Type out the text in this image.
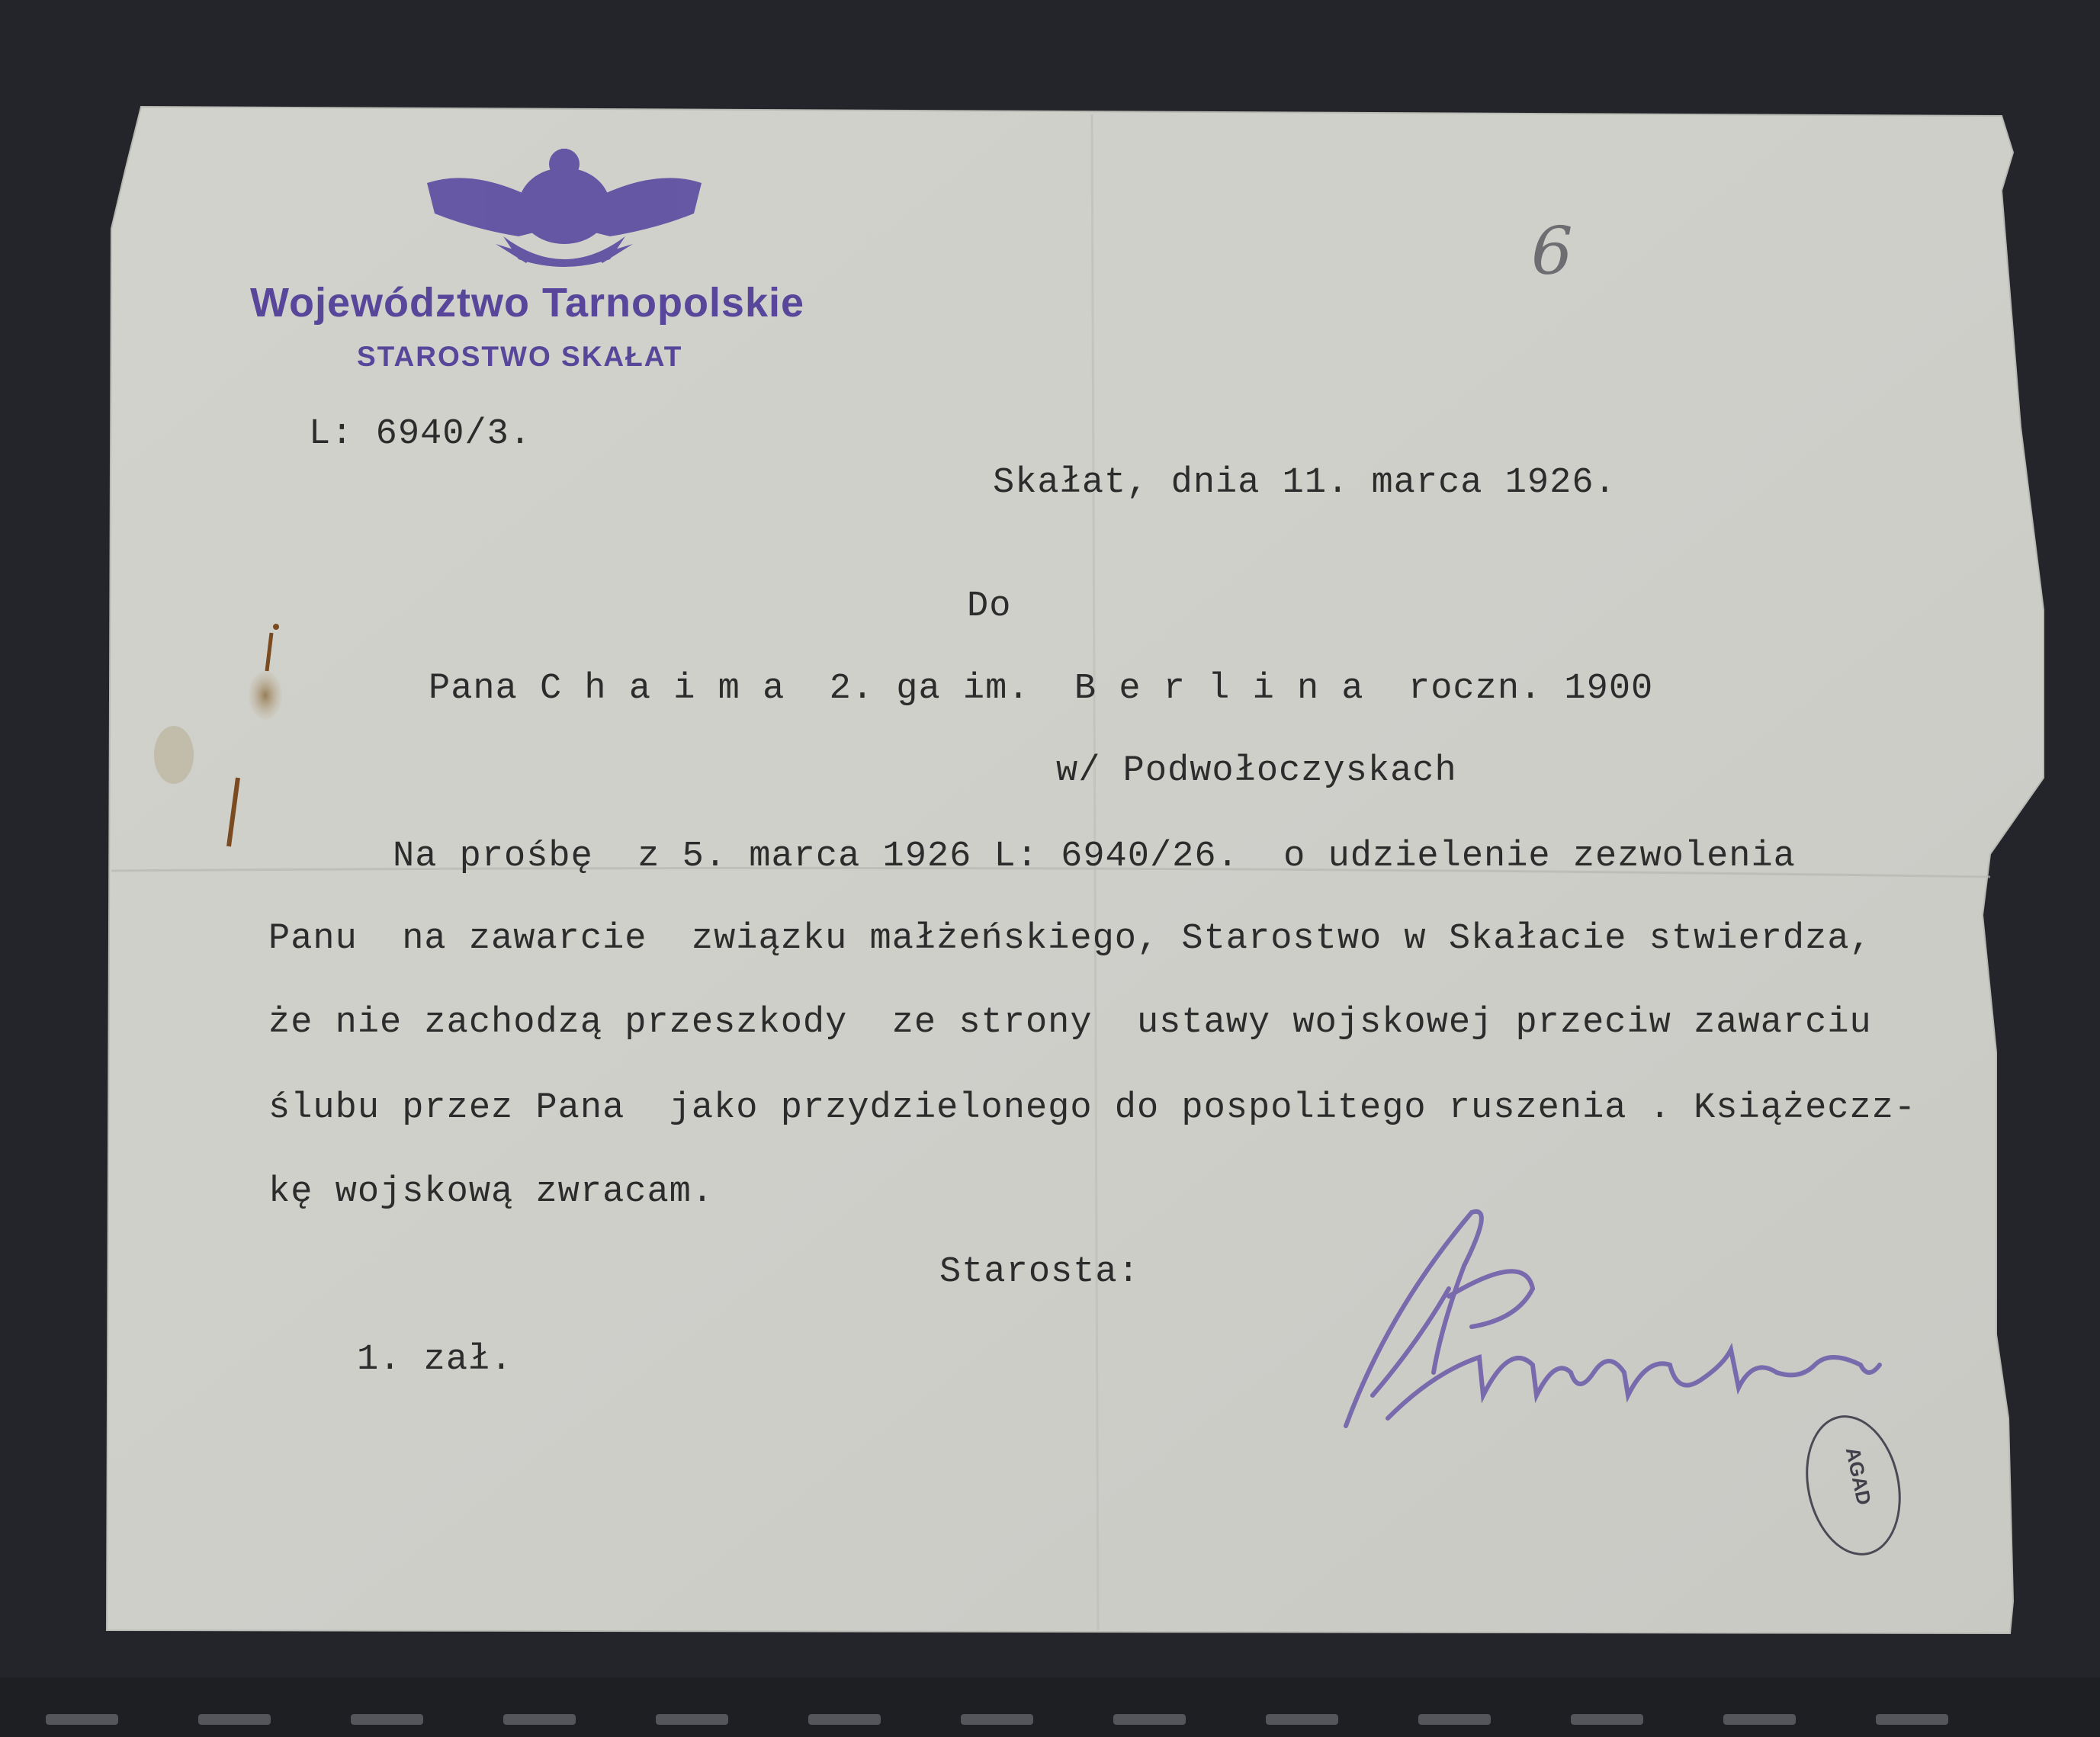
Województwo Tarnopolskie

STAROSTWO SKAŁAT

6

L: 6940/3.

Skałat, dnia 11. marca 1926.

Do

Pana C h a i m a  2. ga im.  B e r l i n a  roczn. 1900

w/ Podwołoczyskach

Na prośbę  z 5. marca 1926 L: 6940/26.  o udzielenie zezwolenia

Panu  na zawarcie  związku małżeńskiego, Starostwo w Skałacie stwierdza,

że nie zachodzą przeszkody  ze strony  ustawy wojskowej przeciw zawarciu

ślubu przez Pana  jako przydzielonego do pospolitego ruszenia . Książeczz-

kę wojskową zwracam.

Starosta:

1. zał.

AGAD
